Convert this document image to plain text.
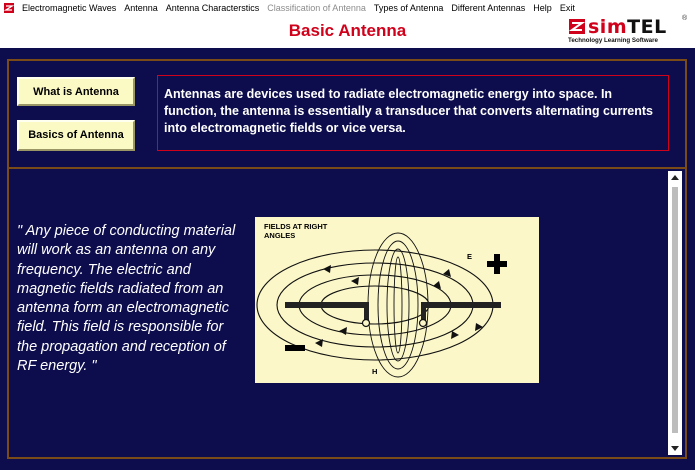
Electromagnetic Waves Antenna Antenna Characterstics Classification of Antenna Types of Antenna Different Antennas Help Exit
Basic Antenna	simTEL ®
Technology Learning Software
What is Antenna
Basics of Antenna
Antennas are devices used to radiate electromagnetic energy into space. In function, the antenna is essentially a transducer that converts alternating currents into electromagnetic fields or vice versa.
" Any piece of conducting material will work as an antenna on any frequency. The electric and magnetic fields radiated from an antenna form an electromagnetic field. This field is responsible for the propagation and reception of RF energy. "
FIELDS AT RIGHT ANGLES
E
H
